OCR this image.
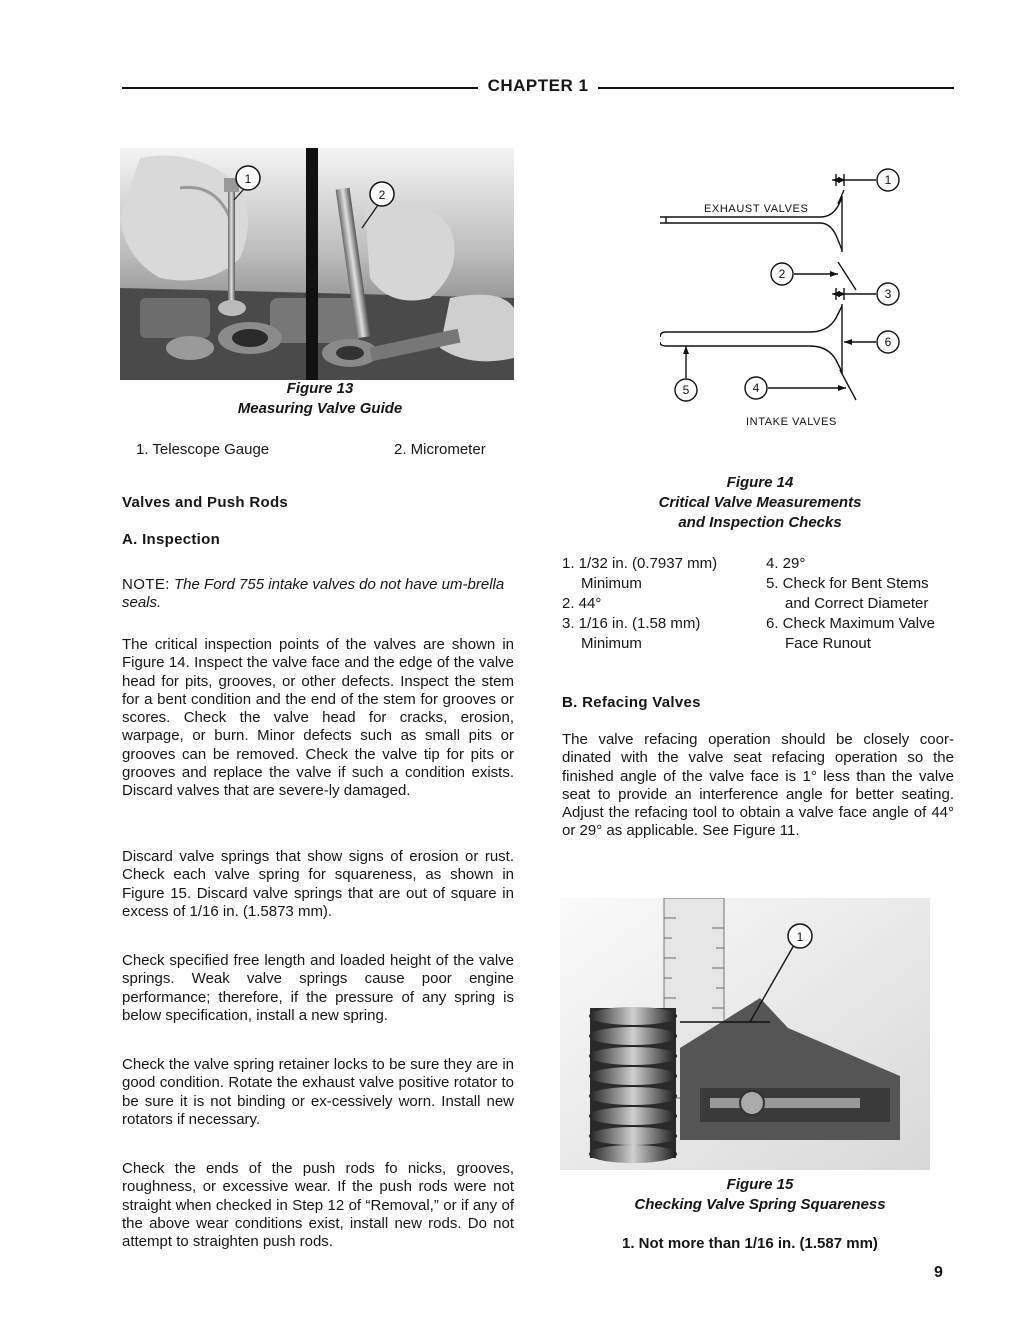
CHAPTER 1
1
2
Figure 13
Measuring Valve Guide
1. Telescope Gauge	2. Micrometer
EXHAUST VALVES
INTAKE VALVES
1
2
3
6
5	4
Figure 14
Critical Valve Measurements
and Inspection Checks
1. 1/32 in. (0.7937 mm)
Minimum
2. 44°
3. 1/16 in. (1.58 mm)
Minimum
4. 29°
5. Check for Bent Stems
and Correct Diameter
6. Check Maximum Valve
Face Runout
Valves and Push Rods
A. Inspection
NOTE: The Ford 755 intake valves do not have um-brella seals.
The critical inspection points of the valves are shown in Figure 14. Inspect the valve face and the edge of the valve head for pits, grooves, or other defects. Inspect the stem for a bent condition and the end of the stem for grooves or scores. Check the valve head for cracks, erosion, warpage, or burn. Minor defects such as small pits or grooves can be removed. Check the valve tip for pits or grooves and replace the valve if such a condition exists. Discard valves that are severe-ly damaged.
Discard valve springs that show signs of erosion or rust. Check each valve spring for squareness, as shown in Figure 15. Discard valve springs that are out of square in excess of 1/16 in. (1.5873 mm).
Check specified free length and loaded height of the valve springs. Weak valve springs cause poor engine performance; therefore, if the pressure of any spring is below specification, install a new spring.
Check the valve spring retainer locks to be sure they are in good condition. Rotate the exhaust valve positive rotator to be sure it is not binding or ex-cessively worn. Install new rotators if necessary.
Check the ends of the push rods fo nicks, grooves, roughness, or excessive wear. If the push rods were not straight when checked in Step 12 of “Removal,” or if any of the above wear conditions exist, install new rods. Do not attempt to straighten push rods.
B. Refacing Valves
The valve refacing operation should be closely coor-dinated with the valve seat refacing operation so the finished angle of the valve face is 1° less than the valve seat to provide an interference angle for better seating. Adjust the refacing tool to obtain a valve face angle of 44° or 29° as applicable. See Figure 11.
1
Figure 15
Checking Valve Spring Squareness
1. Not more than 1/16 in. (1.587 mm)
9
